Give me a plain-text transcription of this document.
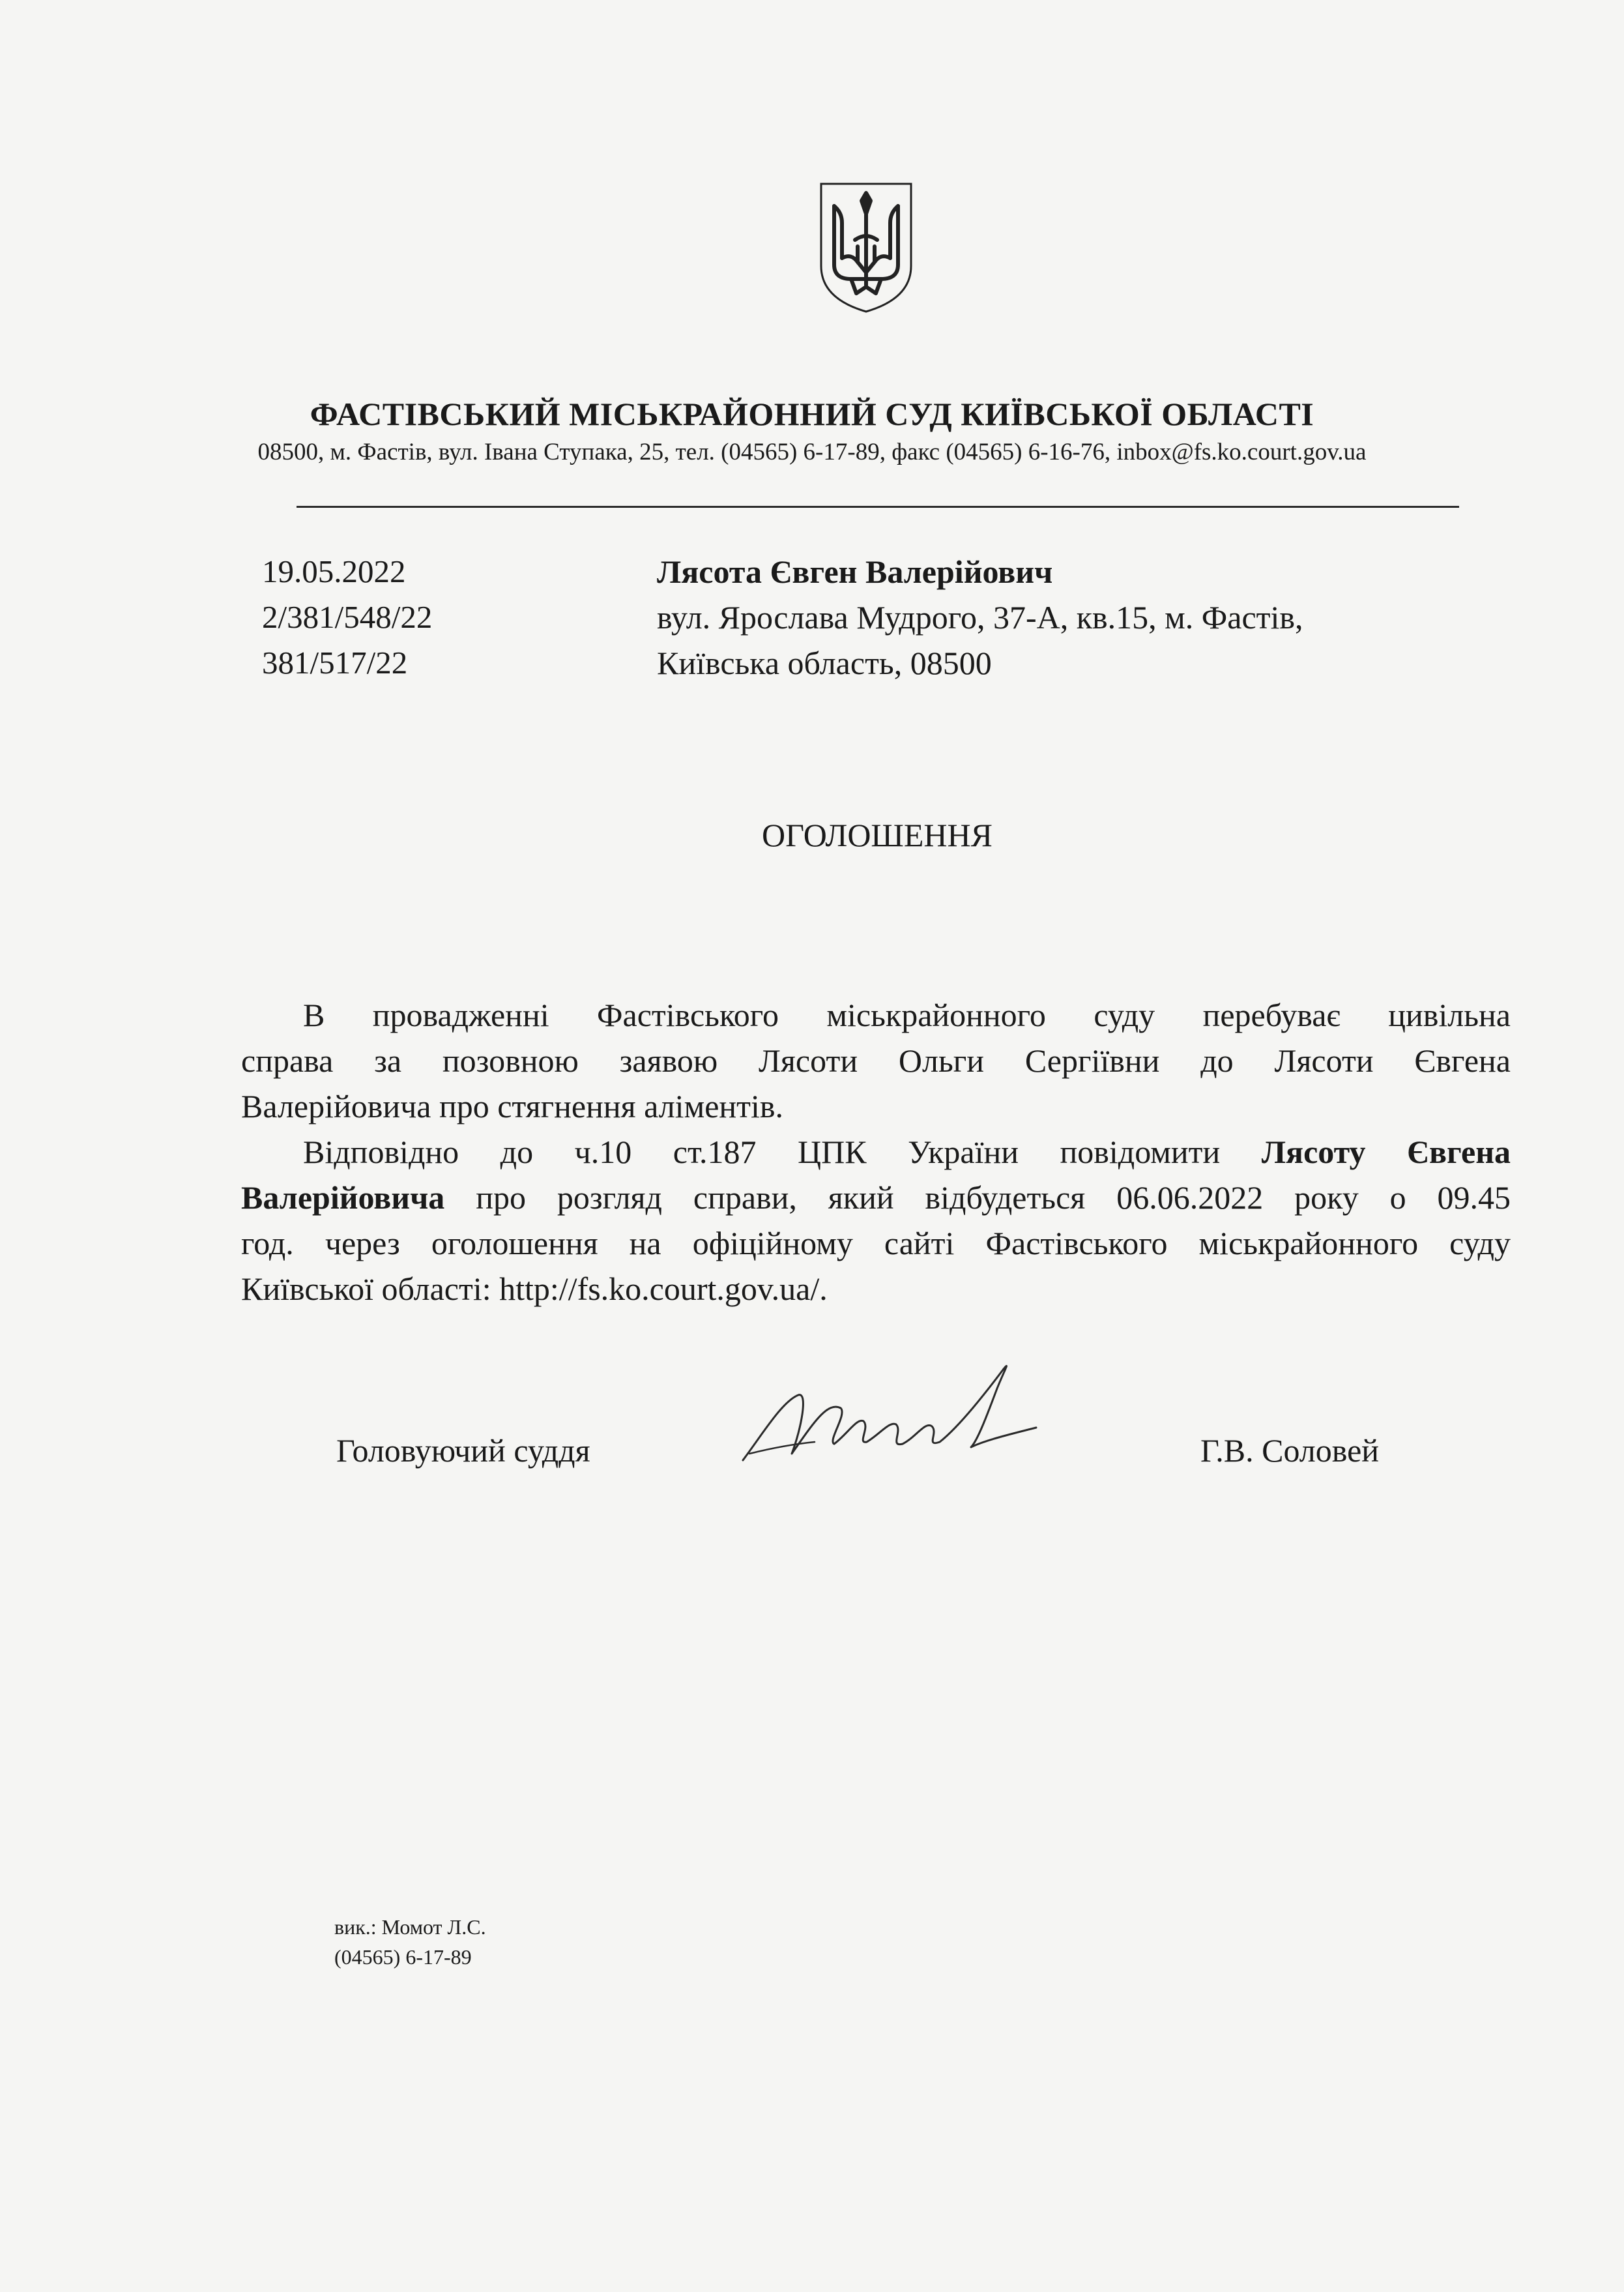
ФАСТІВСЬКИЙ МІСЬКРАЙОННИЙ СУД КИЇВСЬКОЇ ОБЛАСТІ
08500, м. Фастів, вул. Івана Ступака, 25, тел. (04565) 6-17-89, факс (04565) 6-16-76, inbox@fs.ko.court.gov.ua
19.05.2022
2/381/548/22
381/517/22
Лясота Євген Валерійович
вул. Ярослава Мудрого, 37-А, кв.15, м. Фастів,
Київська область, 08500
ОГОЛОШЕННЯ
В провадженні Фастівського міськрайонного суду перебуває цивільна
справа за позовною заявою Лясоти Ольги Сергіївни до Лясоти Євгена
Валерійовича про стягнення аліментів.
Відповідно до ч.10 ст.187 ЦПК України повідомити Лясоту Євгена
Валерійовича про розгляд справи, який відбудеться 06.06.2022 року о 09.45
год. через оголошення на офіційному сайті Фастівського міськрайонного суду
Київської області: http://fs.ko.court.gov.ua/.
Головуючий суддя	Г.В. Соловей
вик.: Момот Л.С.
(04565) 6-17-89
